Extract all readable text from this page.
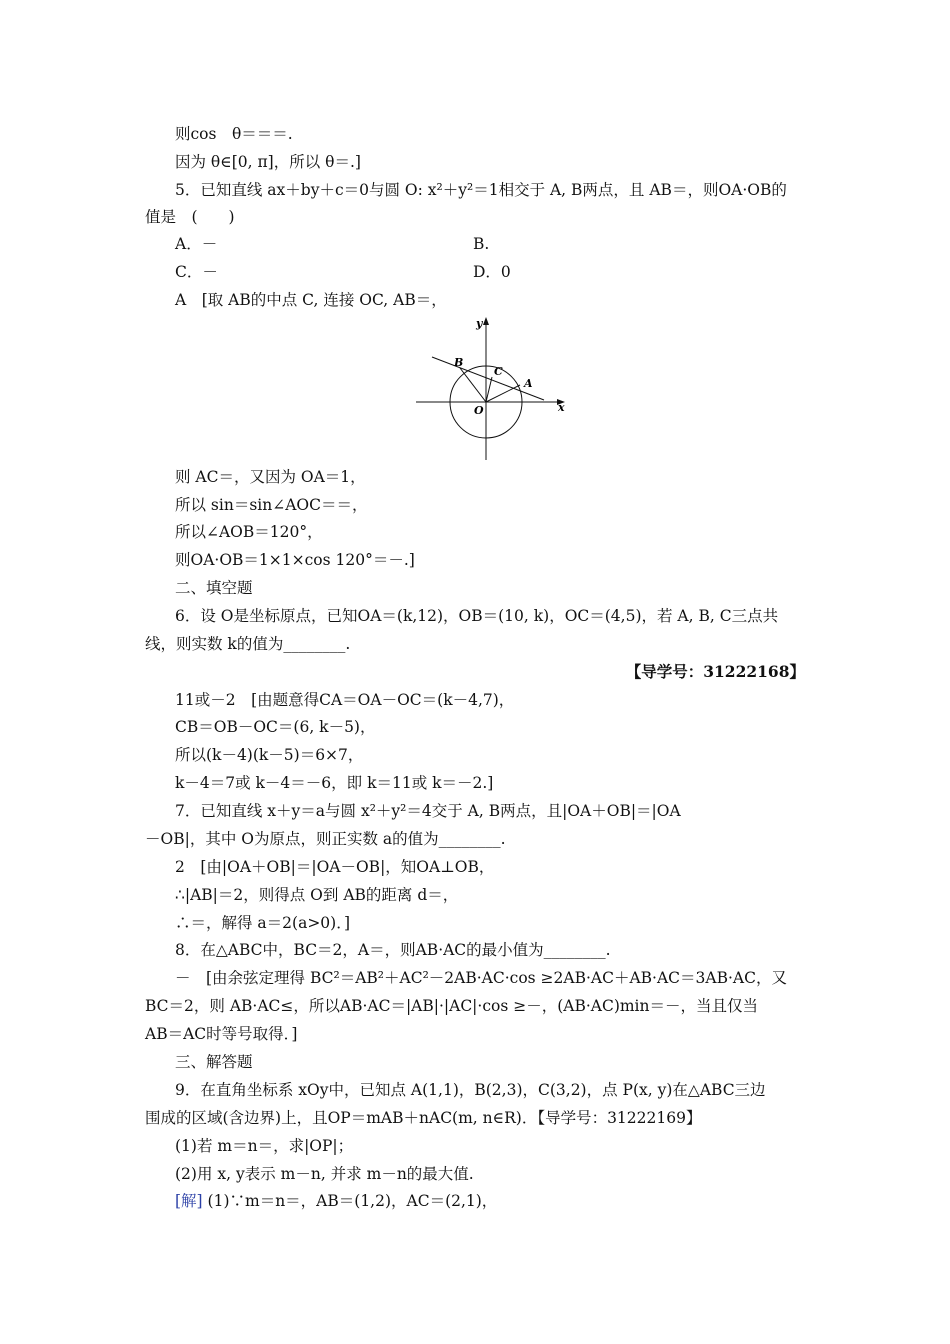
则cos　θ＝＝＝.
因为 θ∈[0, π]，所以 θ＝.]
5．已知直线 ax＋by＋c＝0与圆 O: x²＋y²＝1相交于 A, B两点，且 AB＝，则OA·OB的
值是　(　　)
A．－	B.
C．－	D．0
A　[取 AB的中点 C, 连接 OC, AB＝，
y
x
B
C
A
O
则 AC＝，又因为 OA＝1，
所以 sin＝sin∠AOC＝＝，
所以∠AOB＝120°，
则OA·OB＝1×1×cos 120°＝－.]
二、填空题
6．设 O是坐标原点，已知OA＝(k,12)，OB＝(10, k)，OC＝(4,5)，若 A, B, C三点共
线，则实数 k的值为________.
【导学号：31222168】
11或－2　[由题意得CA＝OA－OC＝(k－4,7)，
CB＝OB－OC＝(6, k－5)，
所以(k－4)(k－5)＝6×7，
k－4＝7或 k－4＝－6，即 k＝11或 k＝－2.]
7．已知直线 x＋y＝a与圆 x²＋y²＝4交于 A, B两点，且|OA＋OB|＝|OA
－OB|，其中 O为原点，则正实数 a的值为________.
2　[由|OA＋OB|＝|OA－OB|，知OA⊥OB，
∴|AB|＝2，则得点 O到 AB的距离 d＝，
∴＝，解得 a＝2(a>0)．]
8．在△ABC中，BC＝2，A＝，则AB·AC的最小值为________.
－　[由余弦定理得 BC²＝AB²＋AC²－2AB·AC·cos ≥2AB·AC＋AB·AC＝3AB·AC，又
BC＝2，则 AB·AC≤，所以AB·AC＝|AB|·|AC|·cos ≥－，(AB·AC)min＝－，当且仅当
AB＝AC时等号取得．]
三、解答题
9．在直角坐标系 xOy中，已知点 A(1,1)，B(2,3)，C(3,2)，点 P(x, y)在△ABC三边
围成的区域(含边界)上，且OP＝mAB＋nAC(m, n∈R)．【导学号：31222169】
(1)若 m＝n＝，求|OP|；
(2)用 x, y表示 m－n, 并求 m－n的最大值.
[解] (1)∵m＝n＝，AB＝(1,2)，AC＝(2,1)，
